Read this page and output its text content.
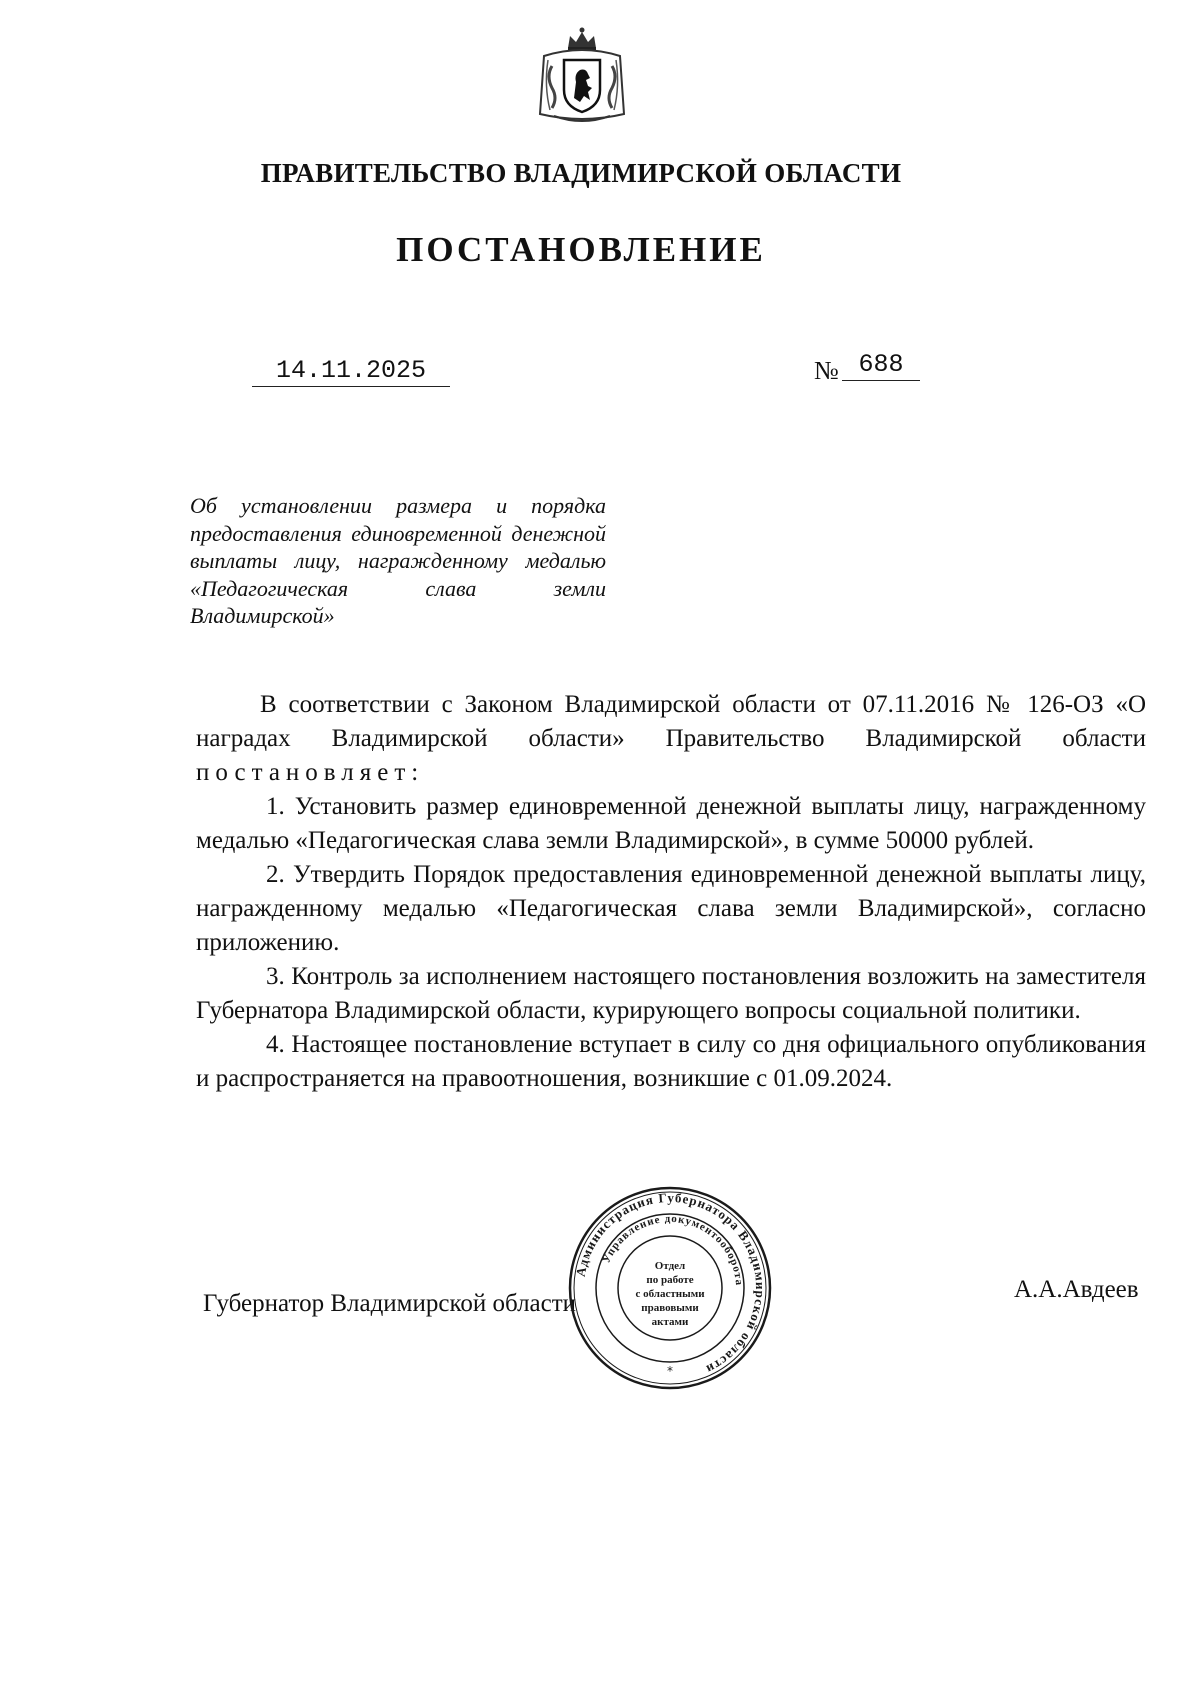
ПРАВИТЕЛЬСТВО ВЛАДИМИРСКОЙ ОБЛАСТИ
ПОСТАНОВЛЕНИЕ
14.11.2025	№ 688
Об установлении размера и порядка предоставления единовременной денежной выплаты лицу, награжденному медалью «Педагогическая слава земли Владимирской»

В соответствии с Законом Владимирской области от 07.11.2016 № 126-ОЗ «О наградах Владимирской области» Правительство Владимирской области постановляет:

1. Установить размер единовременной денежной выплаты лицу, награжденному медалью «Педагогическая слава земли Владимирской», в сумме 50000 рублей.

2. Утвердить Порядок предоставления единовременной денежной выплаты лицу, награжденному медалью «Педагогическая слава земли Владимирской», согласно приложению.

3. Контроль за исполнением настоящего постановления возложить на заместителя Губернатора Владимирской области, курирующего вопросы социальной политики.

4. Настоящее постановление вступает в силу со дня официального опубликования и распространяется на правоотношения, возникшие с 01.09.2024.

Губернатор Владимирской области
А.А.Авдеев
Администрация Губернатора Владимирской области
Управление документооборота
*
Отдел
по работе
с областными
правовыми
актами
